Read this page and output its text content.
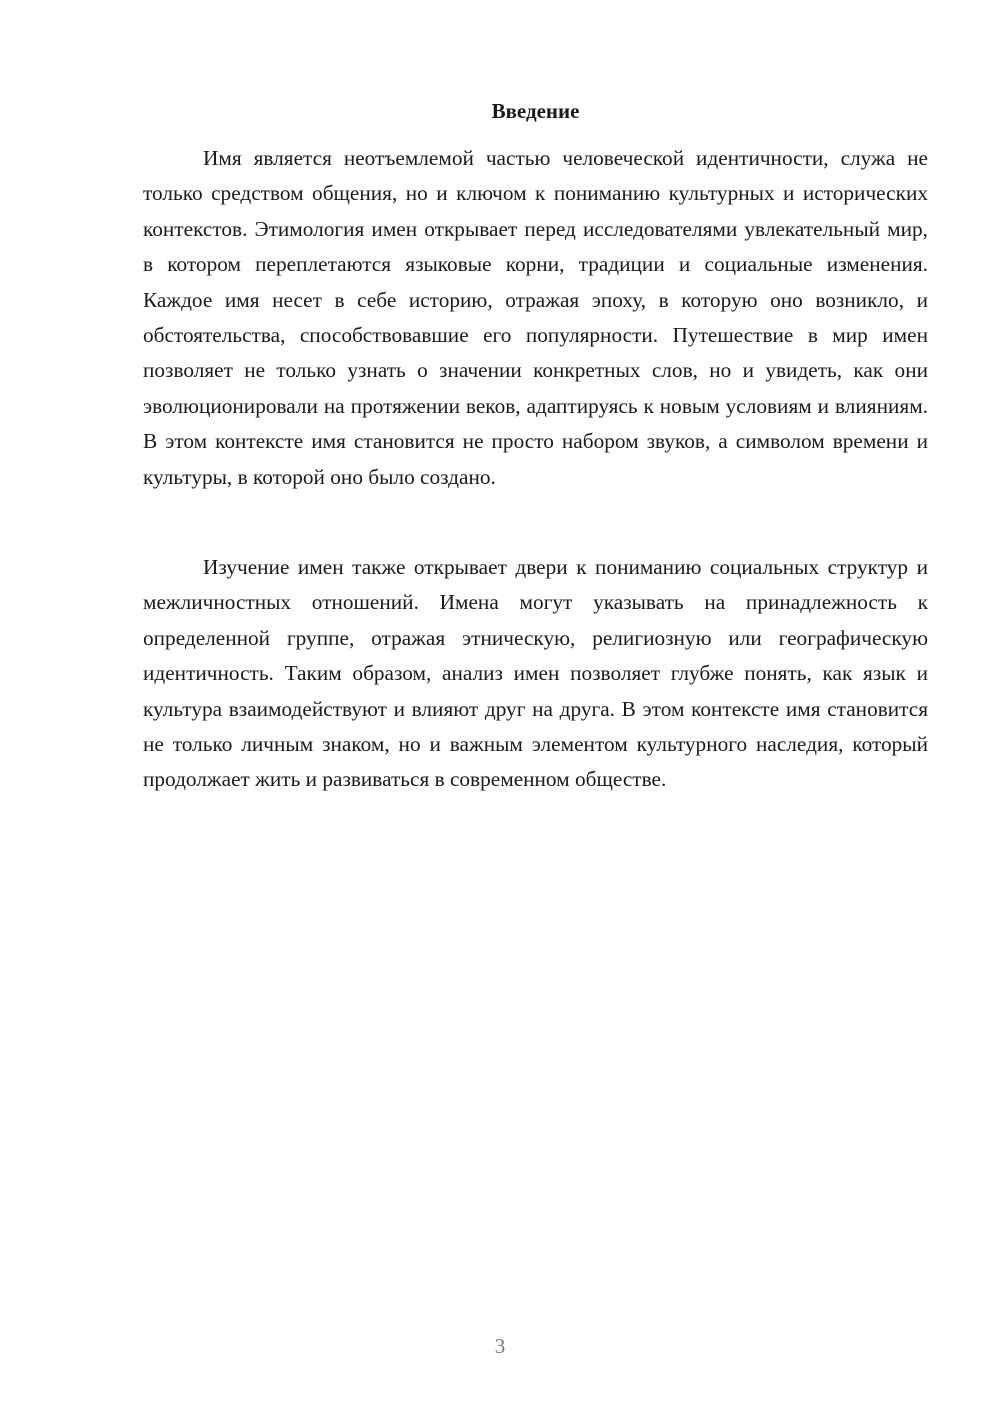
Введение

Имя является неотъемлемой частью человеческой идентичности, служа не только средством общения, но и ключом к пониманию культурных и исторических контекстов. Этимология имен открывает перед исследователями увлекательный мир, в котором переплетаются языковые корни, традиции и социальные изменения. Каждое имя несет в себе историю, отражая эпоху, в которую оно возникло, и обстоятельства, способствовавшие его популярности. Путешествие в мир имен позволяет не только узнать о значении конкретных слов, но и увидеть, как они эволюционировали на протяжении веков, адаптируясь к новым условиям и влияниям. В этом контексте имя становится не просто набором звуков, а символом времени и культуры, в которой оно было создано.

Изучение имен также открывает двери к пониманию социальных структур и межличностных отношений. Имена могут указывать на принадлежность к определенной группе, отражая этническую, религиозную или географическую идентичность. Таким образом, анализ имен позволяет глубже понять, как язык и культура взаимодействуют и влияют друг на друга. В этом контексте имя становится не только личным знаком, но и важным элементом культурного наследия, который продолжает жить и развиваться в современном обществе.

3
